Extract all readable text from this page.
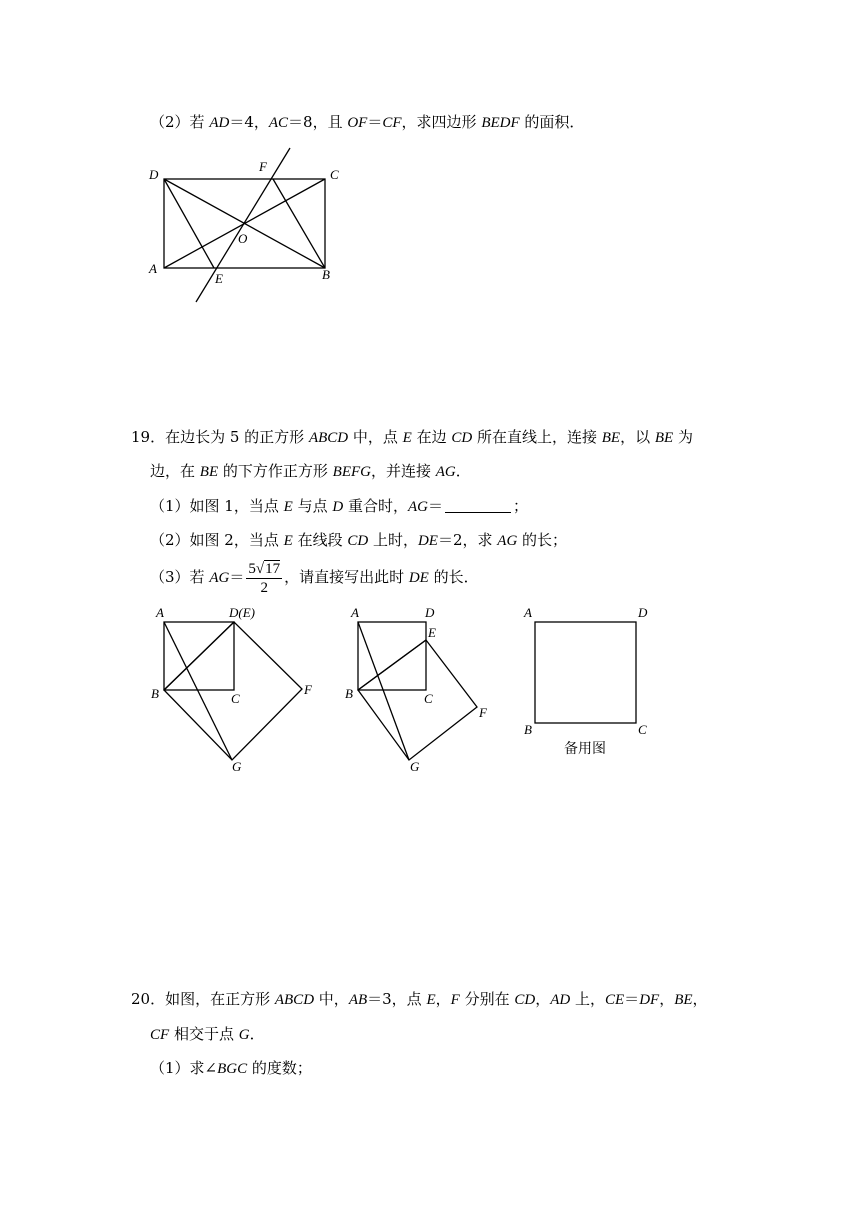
（2）若 AD＝4，AC＝8，且 OF＝CF，求四边形 BEDF 的面积．
D
F
C
O
A
E	B
19．在边长为 5 的正方形 ABCD 中，点 E 在边 CD 所在直线上，连接 BE，以 BE 为
边，在 BE 的下方作正方形 BEFG，并连接 AG．
（1）如图 1，当点 E 与点 D 重合时，AG＝	；
（2）如图 2，当点 E 在线段 CD 上时，DE＝2，求 AG 的长；
（3）若 $AG= \frac{5√17}{2}$ ，请直接写出此时 DE 的长．
A	D(E)
B	C
F
G
A	D
E
B	C
F
G
A	D
B	C
备用图
20．如图，在正方形 ABCD 中，AB＝3，点 E，F 分别在 CD，AD 上，CE＝DF，BE，
CF 相交于点 G．
（1）求∠BGC 的度数；
